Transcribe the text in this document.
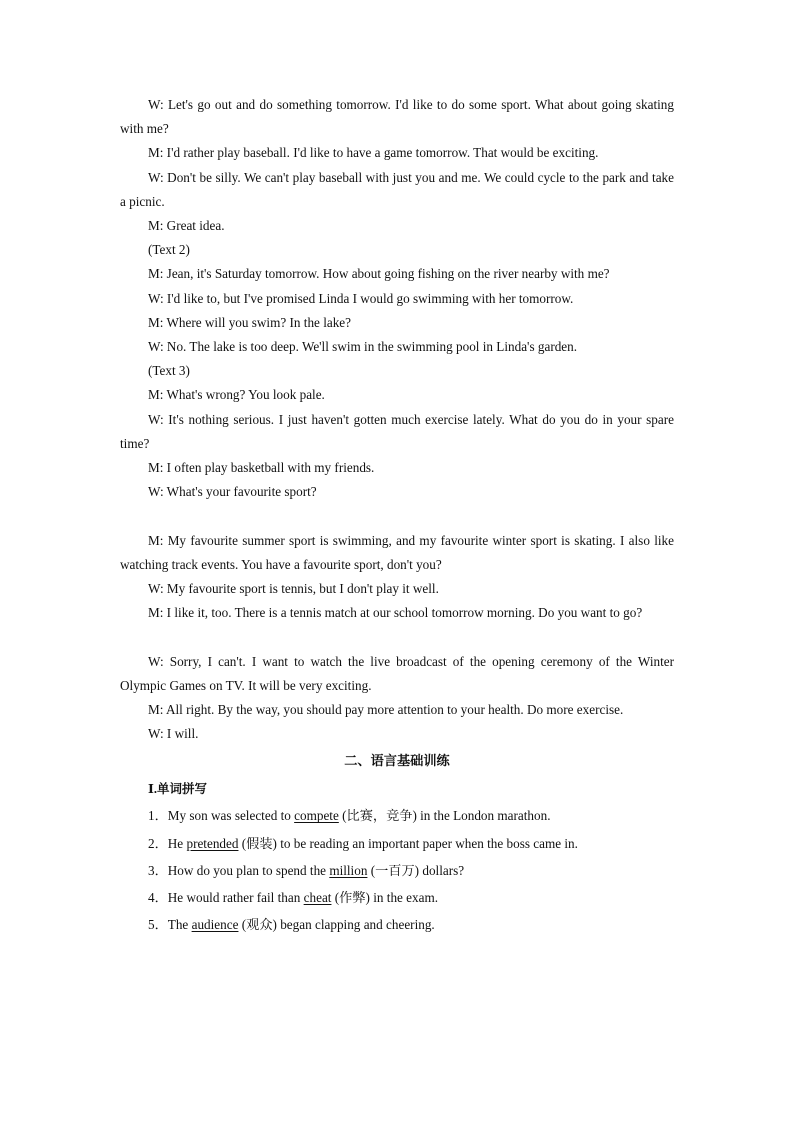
W: Let's go out and do something tomorrow. I'd like to do some sport. What about going skating with me?

M: I'd rather play baseball. I'd like to have a game tomorrow. That would be exciting.

W: Don't be silly. We can't play baseball with just you and me. We could cycle to the park and take a picnic.

M: Great idea.

(Text 2)

M: Jean, it's Saturday tomorrow. How about going fishing on the river nearby with me?

W: I'd like to, but I've promised Linda I would go swimming with her tomorrow.

M: Where will you swim? In the lake?

W: No. The lake is too deep. We'll swim in the swimming pool in Linda's garden.

(Text 3)

M: What's wrong? You look pale.

W: It's nothing serious. I just haven't gotten much exercise lately. What do you do in your spare time?

M: I often play basketball with my friends.

W: What's your favourite sport?

M: My favourite summer sport is swimming, and my favourite winter sport is skating. I also like watching track events. You have a favourite sport, don't you?

W: My favourite sport is tennis, but I don't play it well.

M: I like it, too. There is a tennis match at our school tomorrow morning. Do you want to go?

W: Sorry, I can't. I want to watch the live broadcast of the opening ceremony of the Winter Olympic Games on TV. It will be very exciting.

M: All right. By the way, you should pay more attention to your health. Do more exercise.

W: I will.

二、语言基础训练
Ⅰ.单词拼写
1．My son was selected to compete (比赛，竞争) in the London marathon.
2．He pretended (假装) to be reading an important paper when the boss came in.
3．How do you plan to spend the million (一百万) dollars?
4．He would rather fail than cheat (作弊) in the exam.
5．The audience (观众) began clapping and cheering.
